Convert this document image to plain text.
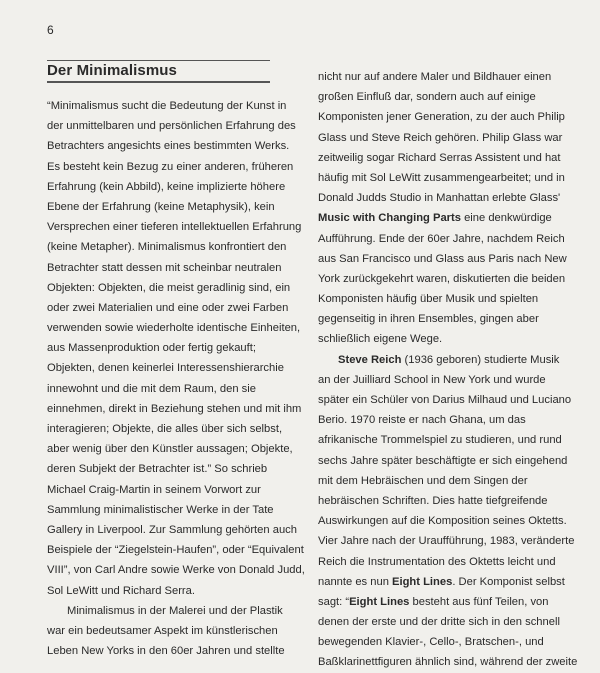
6
Der Minimalismus
“Minimalismus sucht die Bedeutung der Kunst in
der unmittelbaren und persönlichen Erfahrung des
Betrachters angesichts eines bestimmten Werks.
Es besteht kein Bezug zu einer anderen, früheren
Erfahrung (kein Abbild), keine implizierte höhere
Ebene der Erfahrung (keine Metaphysik), kein
Versprechen einer tieferen intellektuellen Erfahrung
(keine Metapher). Minimalismus konfrontiert den
Betrachter statt dessen mit scheinbar neutralen
Objekten: Objekten, die meist geradlinig sind, ein
oder zwei Materialien und eine oder zwei Farben
verwenden sowie wiederholte identische Einheiten,
aus Massenproduktion oder fertig gekauft;
Objekten, denen keinerlei Interessenshierarchie
innewohnt und die mit dem Raum, den sie
einnehmen, direkt in Beziehung stehen und mit ihm
interagieren; Objekte, die alles über sich selbst,
aber wenig über den Künstler aussagen; Objekte,
deren Subjekt der Betrachter ist.” So schrieb
Michael Craig-Martin in seinem Vorwort zur
Sammlung minimalistischer Werke in der Tate
Gallery in Liverpool. Zur Sammlung gehörten auch
Beispiele der “Ziegelstein-Haufen”, oder “Equivalent
VIII”, von Carl Andre sowie Werke von Donald Judd,
Sol LeWitt und Richard Serra.
Minimalismus in der Malerei und der Plastik
war ein bedeutsamer Aspekt im künstlerischen
Leben New Yorks in den 60er Jahren und stellte
nicht nur auf andere Maler und Bildhauer einen
großen Einfluß dar, sondern auch auf einige
Komponisten jener Generation, zu der auch Philip
Glass und Steve Reich gehören. Philip Glass war
zeitweilig sogar Richard Serras Assistent und hat
häufig mit Sol LeWitt zusammengearbeitet; und in
Donald Judds Studio in Manhattan erlebte Glass'
Music with Changing Parts eine denkwürdige
Aufführung. Ende der 60er Jahre, nachdem Reich
aus San Francisco und Glass aus Paris nach New
York zurückgekehrt waren, diskutierten die beiden
Komponisten häufig über Musik und spielten
gegenseitig in ihren Ensembles, gingen aber
schließlich eigene Wege.
Steve Reich (1936 geboren) studierte Musik
an der Juilliard School in New York und wurde
später ein Schüler von Darius Milhaud und Luciano
Berio. 1970 reiste er nach Ghana, um das
afrikanische Trommelspiel zu studieren, und rund
sechs Jahre später beschäftigte er sich eingehend
mit dem Hebräischen und dem Singen der
hebräischen Schriften. Dies hatte tiefgreifende
Auswirkungen auf die Komposition seines Oktetts.
Vier Jahre nach der Uraufführung, 1983, veränderte
Reich die Instrumentation des Oktetts leicht und
nannte es nun Eight Lines. Der Komponist selbst
sagt: “Eight Lines besteht aus fünf Teilen, von
denen der erste und der dritte sich in den schnell
bewegenden Klavier-, Cello-, Bratschen-, und
Baßklarinettfiguren ähnlich sind, während der zweite
